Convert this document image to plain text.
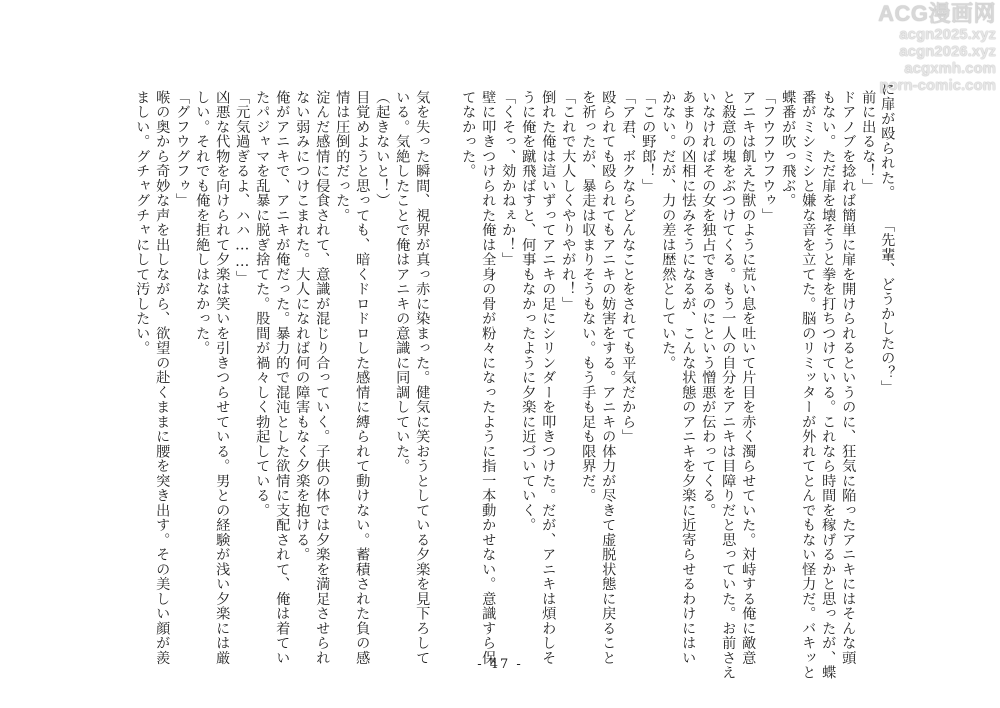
ACG漫画网
acgn2025.xyz
acgn2026.xyz
acgxmh.com
porn-comic.com
に扉が殴られた。
「先輩、どうかしたの？」
前に出るな！」
ドアノブを捻れば簡単に扉を開けられるというのに、狂気に陥ったアニキにはそんな頭
もない。ただ扉を壊そうと拳を打ちつけている。これなら時間を稼げるかと思ったが、蝶
番がミシミシと嫌な音を立てた。脳のリミッターが外れてとんでもない怪力だ。バキッと
蝶番が吹っ飛ぶ。
「フウフウフウゥ」
アニキは飢えた獣のように荒い息を吐いて片目を赤く濁らせていた。対峙する俺に敵意
と殺意の塊をぶつけてくる。もう一人の自分をアニキは目障りだと思っていた。お前さえ
いなければその女を独占できるのにという憎悪が伝わってくる。
あまりの凶相に怯みそうになるが、こんな状態のアニキを夕楽に近寄らせるわけにはい
かない。だが、力の差は歴然としていた。
「この野郎！」
「ア君、ボクならどんなことをされても平気だから」
殴られても殴られてもアニキの妨害をする。アニキの体力が尽きて虚脱状態に戻ること
を祈ったが、暴走は収まりそうもない。もう手も足も限界だ。
「これで大人しくやりやがれ！」
倒れた俺は這いずってアニキの足にシリンダーを叩きつけた。だが、アニキは煩わしそ
うに俺を蹴飛ばすと、何事もなかったように夕楽に近づいていく。
「くそっ、効かねぇか！」
壁に叩きつけられた俺は全身の骨が粉々になったように指一本動かせない。意識すら保
てなかった。
気を失った瞬間、視界が真っ赤に染まった。健気に笑おうとしている夕楽を見下ろして
いる。気絶したことで俺はアニキの意識に同調していた。
（起きないと！）
目覚めようと思っても、暗くドロドロした感情に縛られて動けない。蓄積された負の感
情は圧倒的だった。
淀んだ感情に侵食されて、意識が混じり合っていく。子供の体では夕楽を満足させられ
ない弱みにつけこまれた。大人になれば何の障害もなく夕楽を抱ける。
俺がアニキで、アニキが俺だった。暴力的で混沌とした欲情に支配されて、俺は着てい
たパジャマを乱暴に脱ぎ捨てた。股間が禍々しく勃起している。
「元気過ぎるよ、ハハ……」
凶悪な代物を向けられて夕楽は笑いを引きつらせている。男との経験が浅い夕楽には厳
しい。それでも俺を拒絶しはなかった。
「グフウグフゥ」
喉の奥から奇妙な声を出しながら、欲望の赴くままに腰を突き出す。その美しい顔が羨
ましい。グチャグチャにして汚したい。
- 47 -
